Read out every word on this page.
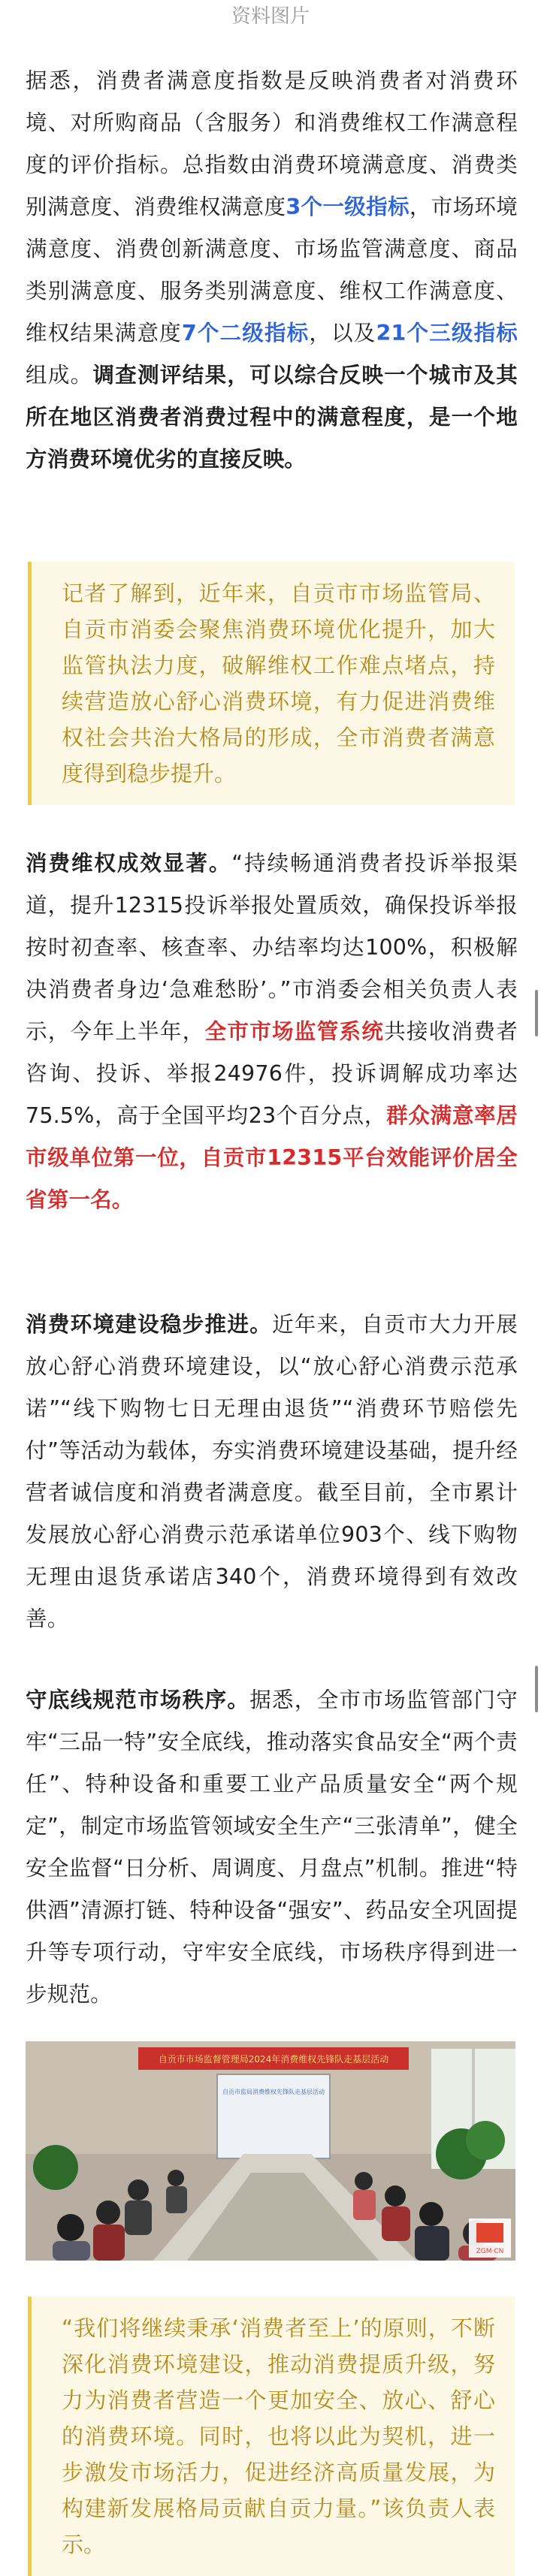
资料图片

据悉，消费者满意度指数是反映消费者对消费环境、对所购商品（含服务）和消费维权工作满意程度的评价指标。总指数由消费环境满意度、消费类别满意度、消费维权满意度3个一级指标，市场环境满意度、消费创新满意度、市场监管满意度、商品类别满意度、服务类别满意度、维权工作满意度、维权结果满意度7个二级指标，以及21个三级指标组成。调查测评结果，可以综合反映一个城市及其所在地区消费者消费过程中的满意程度，是一个地方消费环境优劣的直接反映。

记者了解到，近年来，自贡市市场监管局、自贡市消委会聚焦消费环境优化提升，加大监管执法力度，破解维权工作难点堵点，持续营造放心舒心消费环境，有力促进消费维权社会共治大格局的形成，全市消费者满意度得到稳步提升。

消费维权成效显著。“持续畅通消费者投诉举报渠道，提升12315投诉举报处置质效，确保投诉举报按时初查率、核查率、办结率均达100%，积极解决消费者身边‘急难愁盼’。”市消委会相关负责人表示，今年上半年，全市市场监管系统共接收消费者咨询、投诉、举报24976件，投诉调解成功率达75.5%，高于全国平均23个百分点，群众满意率居市级单位第一位，自贡市12315平台效能评价居全省第一名。

消费环境建设稳步推进。近年来，自贡市大力开展放心舒心消费环境建设，以“放心舒心消费示范承诺”“线下购物七日无理由退货”“消费环节赔偿先付”等活动为载体，夯实消费环境建设基础，提升经营者诚信度和消费者满意度。截至目前，全市累计发展放心舒心消费示范承诺单位903个、线下购物无理由退货承诺店340个，消费环境得到有效改善。

守底线规范市场秩序。据悉，全市市场监管部门守牢“三品一特”安全底线，推动落实食品安全“两个责任”、特种设备和重要工业产品质量安全“两个规定”，制定市场监管领域安全生产“三张清单”，健全安全监督“日分析、周调度、月盘点”机制。推进“特供酒”清源打链、特种设备“强安”、药品安全巩固提升等专项行动，守牢安全底线，市场秩序得到进一步规范。

自贡市市场监督管理局2024年消费维权先锋队走基层活动
自贡市监局消费维权先锋队走基层活动
ZGM·CN
“我们将继续秉承‘消费者至上’的原则，不断深化消费环境建设，推动消费提质升级，努力为消费者营造一个更加安全、放心、舒心的消费环境。同时，也将以此为契机，进一步激发市场活力，促进经济高质量发展，为构建新发展格局贡献自贡力量。”该负责人表示。
